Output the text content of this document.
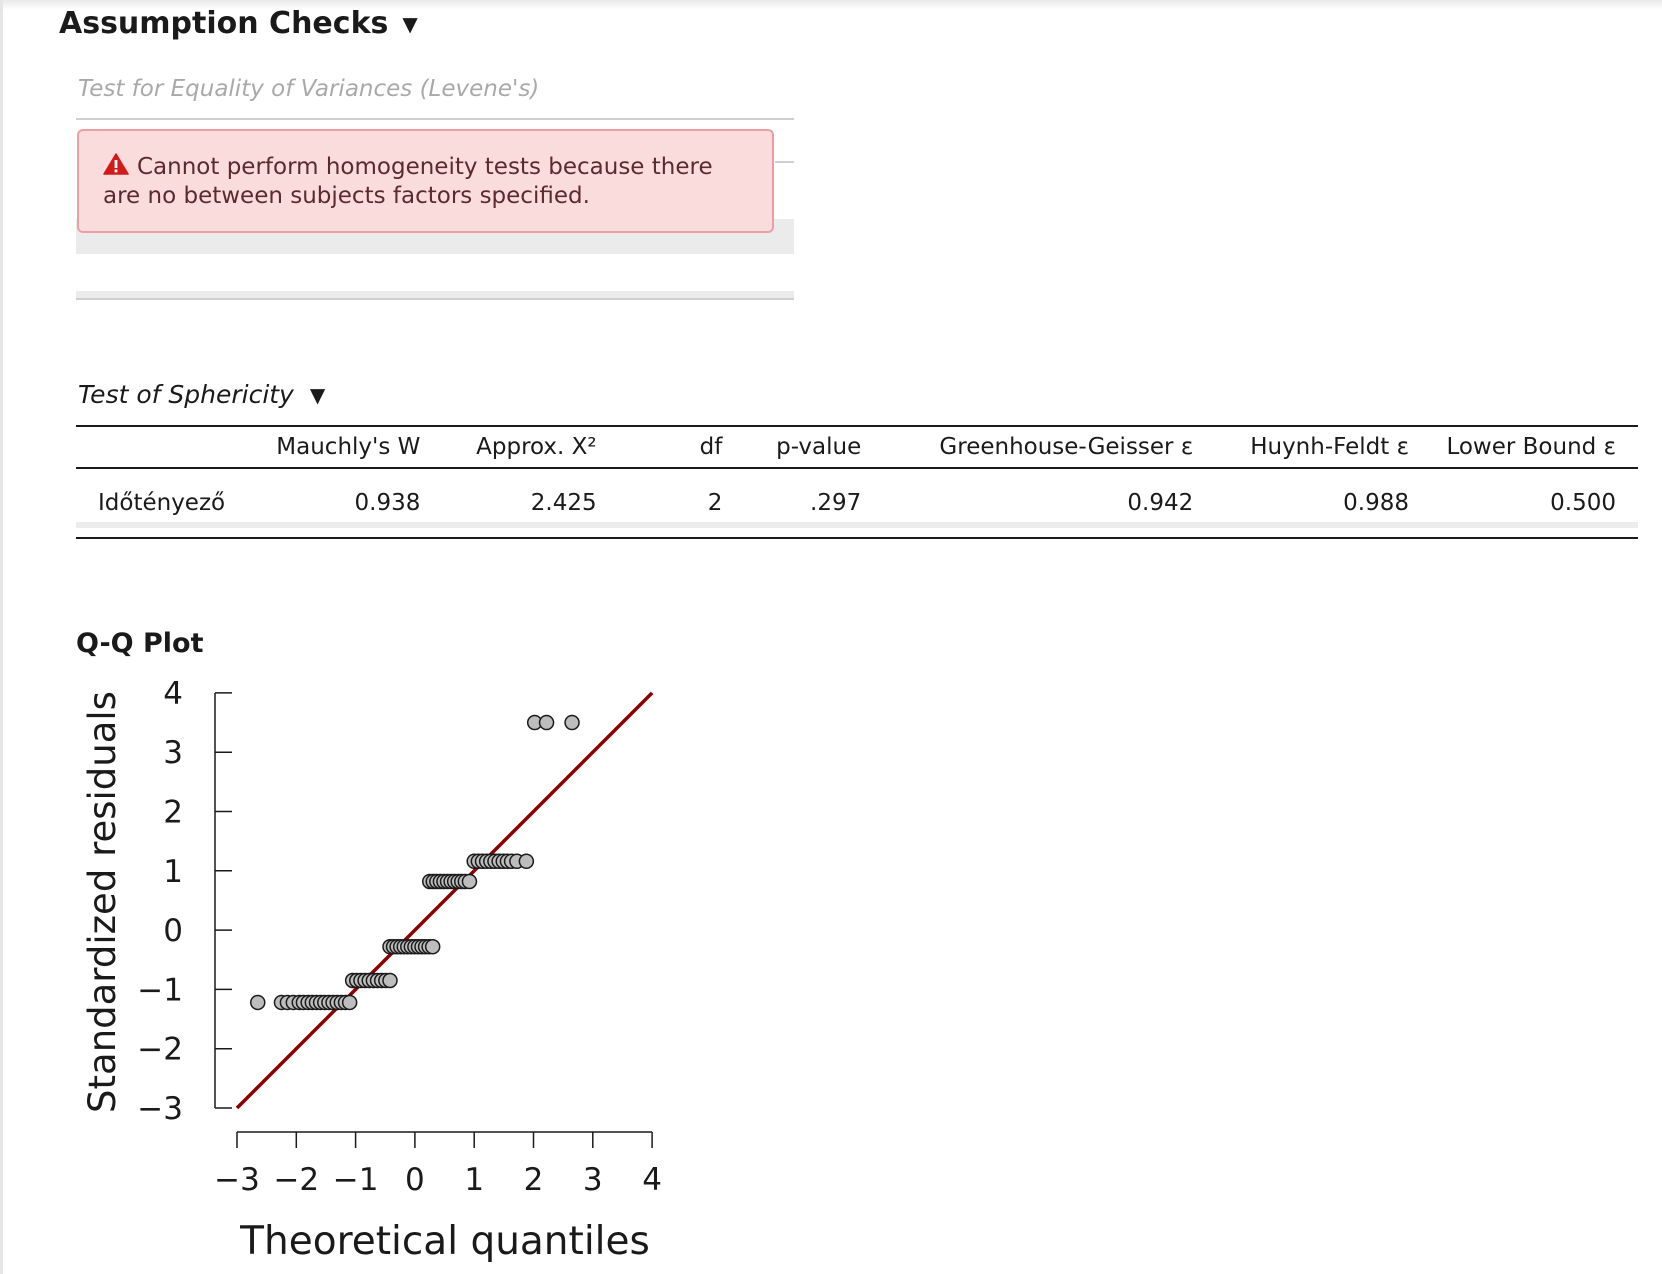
Assumption Checks ▼
Test for Equality of Variances (Levene's)
Cannot perform homogeneity tests because there
are no between subjects factors specified.
Test of Sphericity ▼
	Mauchly's W	Approx. X²	df	p-value	Greenhouse-Geisser ε	Huynh-Feldt ε	Lower Bound ε
Időtényező	0.938	2.425	2	.297	0.942	0.988	0.500
Q-Q Plot
−3
−2
−1
0
1
2
3
4
−3 −2 −1 0 1 2 3 4
Standardized residuals
Theoretical quantiles
